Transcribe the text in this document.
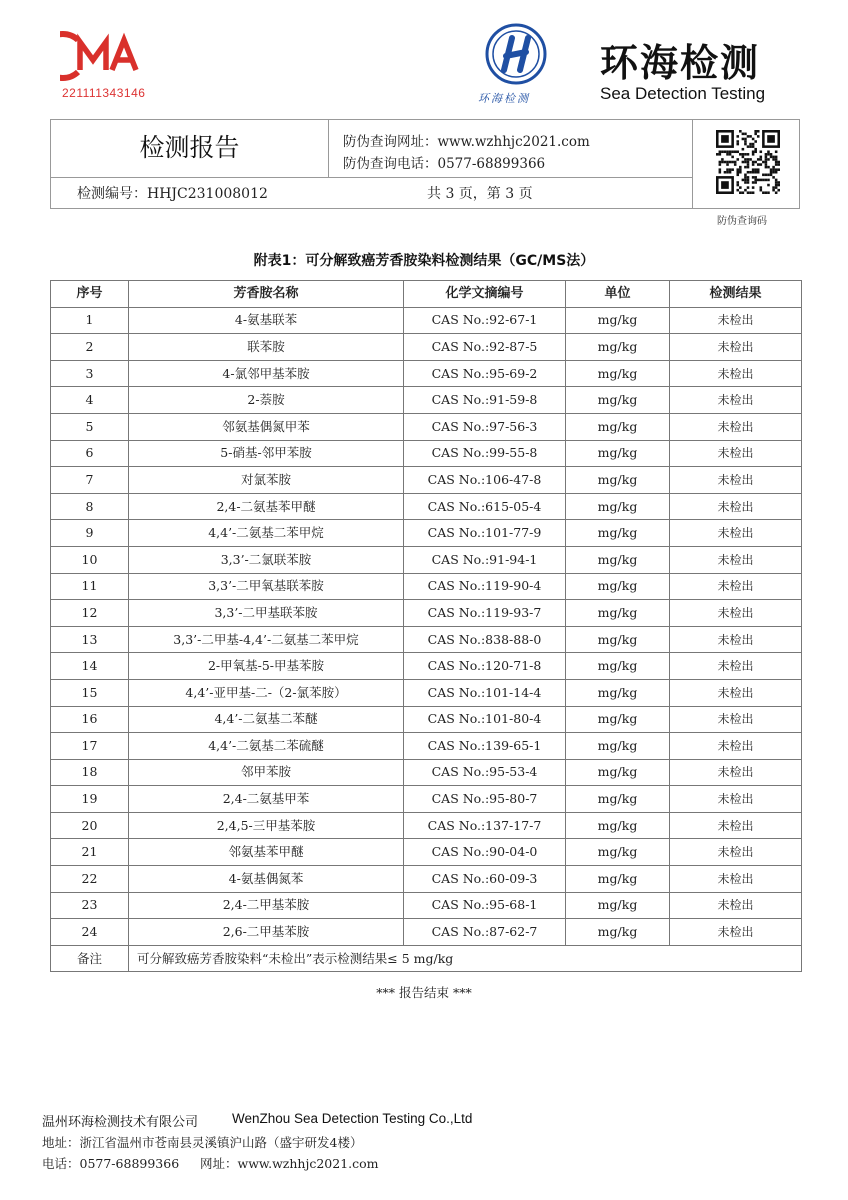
221111343146	环海检测
环海检测
Sea Detection Testing
检测报告	防伪查询网址：www.wzhhjc2021.com
防伪查询电话：0577-68899366
检测编号：HHJC231008012	共 3 页，第 3 页
防伪查询码
附表1：可分解致癌芳香胺染料检测结果（GC/MS法）
序号	芳香胺名称	化学文摘编号	单位	检测结果
1	4-氨基联苯	CAS No.:92-67-1	mg/kg	未检出
2	联苯胺	CAS No.:92-87-5	mg/kg	未检出
3	4-氯邻甲基苯胺	CAS No.:95-69-2	mg/kg	未检出
4	2-萘胺	CAS No.:91-59-8	mg/kg	未检出
5	邻氨基偶氮甲苯	CAS No.:97-56-3	mg/kg	未检出
6	5-硝基-邻甲苯胺	CAS No.:99-55-8	mg/kg	未检出
7	对氯苯胺	CAS No.:106-47-8	mg/kg	未检出
8	2,4-二氨基苯甲醚	CAS No.:615-05-4	mg/kg	未检出
9	4,4’-二氨基二苯甲烷	CAS No.:101-77-9	mg/kg	未检出
10	3,3’-二氯联苯胺	CAS No.:91-94-1	mg/kg	未检出
11	3,3’-二甲氧基联苯胺	CAS No.:119-90-4	mg/kg	未检出
12	3,3’-二甲基联苯胺	CAS No.:119-93-7	mg/kg	未检出
13	3,3’-二甲基-4,4’-二氨基二苯甲烷	CAS No.:838-88-0	mg/kg	未检出
14	2-甲氧基-5-甲基苯胺	CAS No.:120-71-8	mg/kg	未检出
15	4,4’-亚甲基-二-（2-氯苯胺）	CAS No.:101-14-4	mg/kg	未检出
16	4,4’-二氨基二苯醚	CAS No.:101-80-4	mg/kg	未检出
17	4,4’-二氨基二苯硫醚	CAS No.:139-65-1	mg/kg	未检出
18	邻甲苯胺	CAS No.:95-53-4	mg/kg	未检出
19	2,4-二氨基甲苯	CAS No.:95-80-7	mg/kg	未检出
20	2,4,5-三甲基苯胺	CAS No.:137-17-7	mg/kg	未检出
21	邻氨基苯甲醚	CAS No.:90-04-0	mg/kg	未检出
22	4-氨基偶氮苯	CAS No.:60-09-3	mg/kg	未检出
23	2,4-二甲基苯胺	CAS No.:95-68-1	mg/kg	未检出
24	2,6-二甲基苯胺	CAS No.:87-62-7	mg/kg	未检出
备注	可分解致癌芳香胺染料“未检出”表示检测结果≤ 5 mg/kg			
*** 报告结束 ***
温州环海检测技术有限公司	WenZhou Sea Detection Testing Co.,Ltd
地址：浙江省温州市苍南县灵溪镇沪山路（盛宇研发4楼）
电话：0577-68899366 网址：www.wzhhjc2021.com
